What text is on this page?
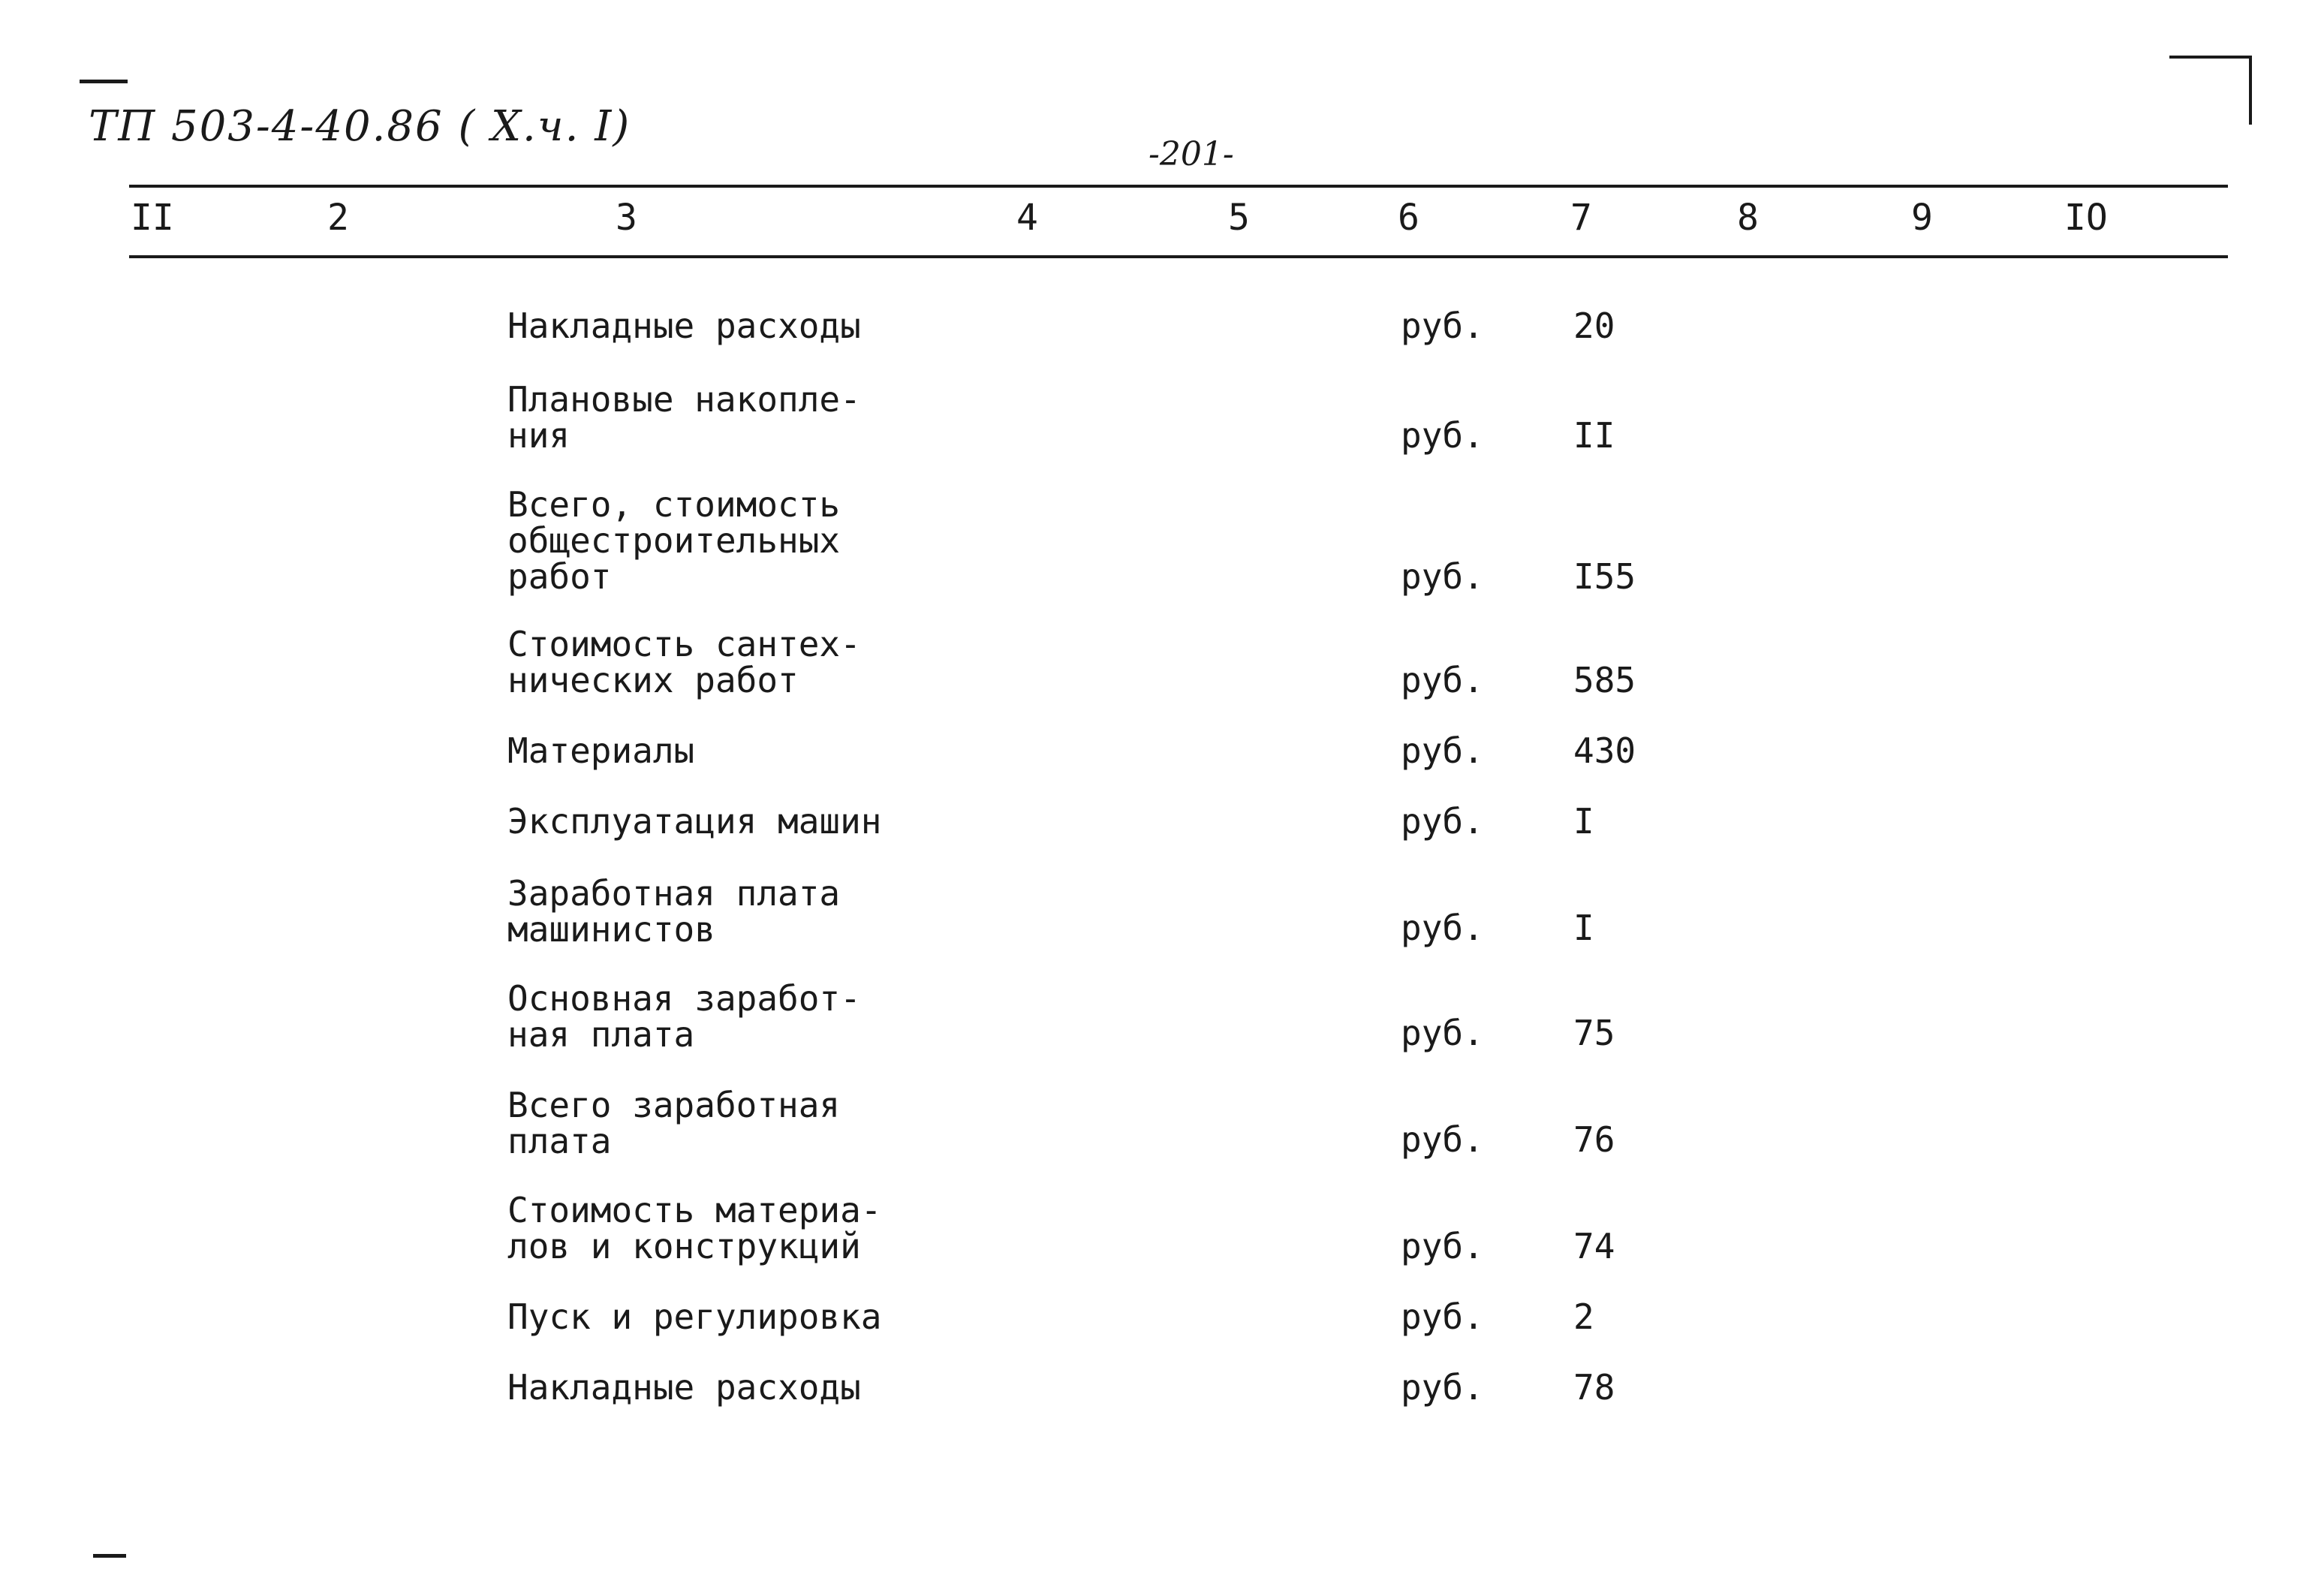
ТП 503-4-40.86 ( X.ч. I)
-201-
II	2	3	4	5	6	7	8	9	IO
Накладные расходы	руб.	20
Плановые накопле-
ния	руб.	II
Всего, стоимость
общестроительных
работ	руб.	I55
Стоимость сантех-
нических работ	руб.	585
Материалы	руб.	430
Эксплуатация машин	руб.	I
Заработная плата
машинистов	руб.	I
Основная заработ-
ная плата	руб.	75
Всего заработная
плата	руб.	76
Стоимость материа-
лов и конструкций	руб.	74
Пуск и регулировка	руб.	2
Накладные расходы	руб.	78
